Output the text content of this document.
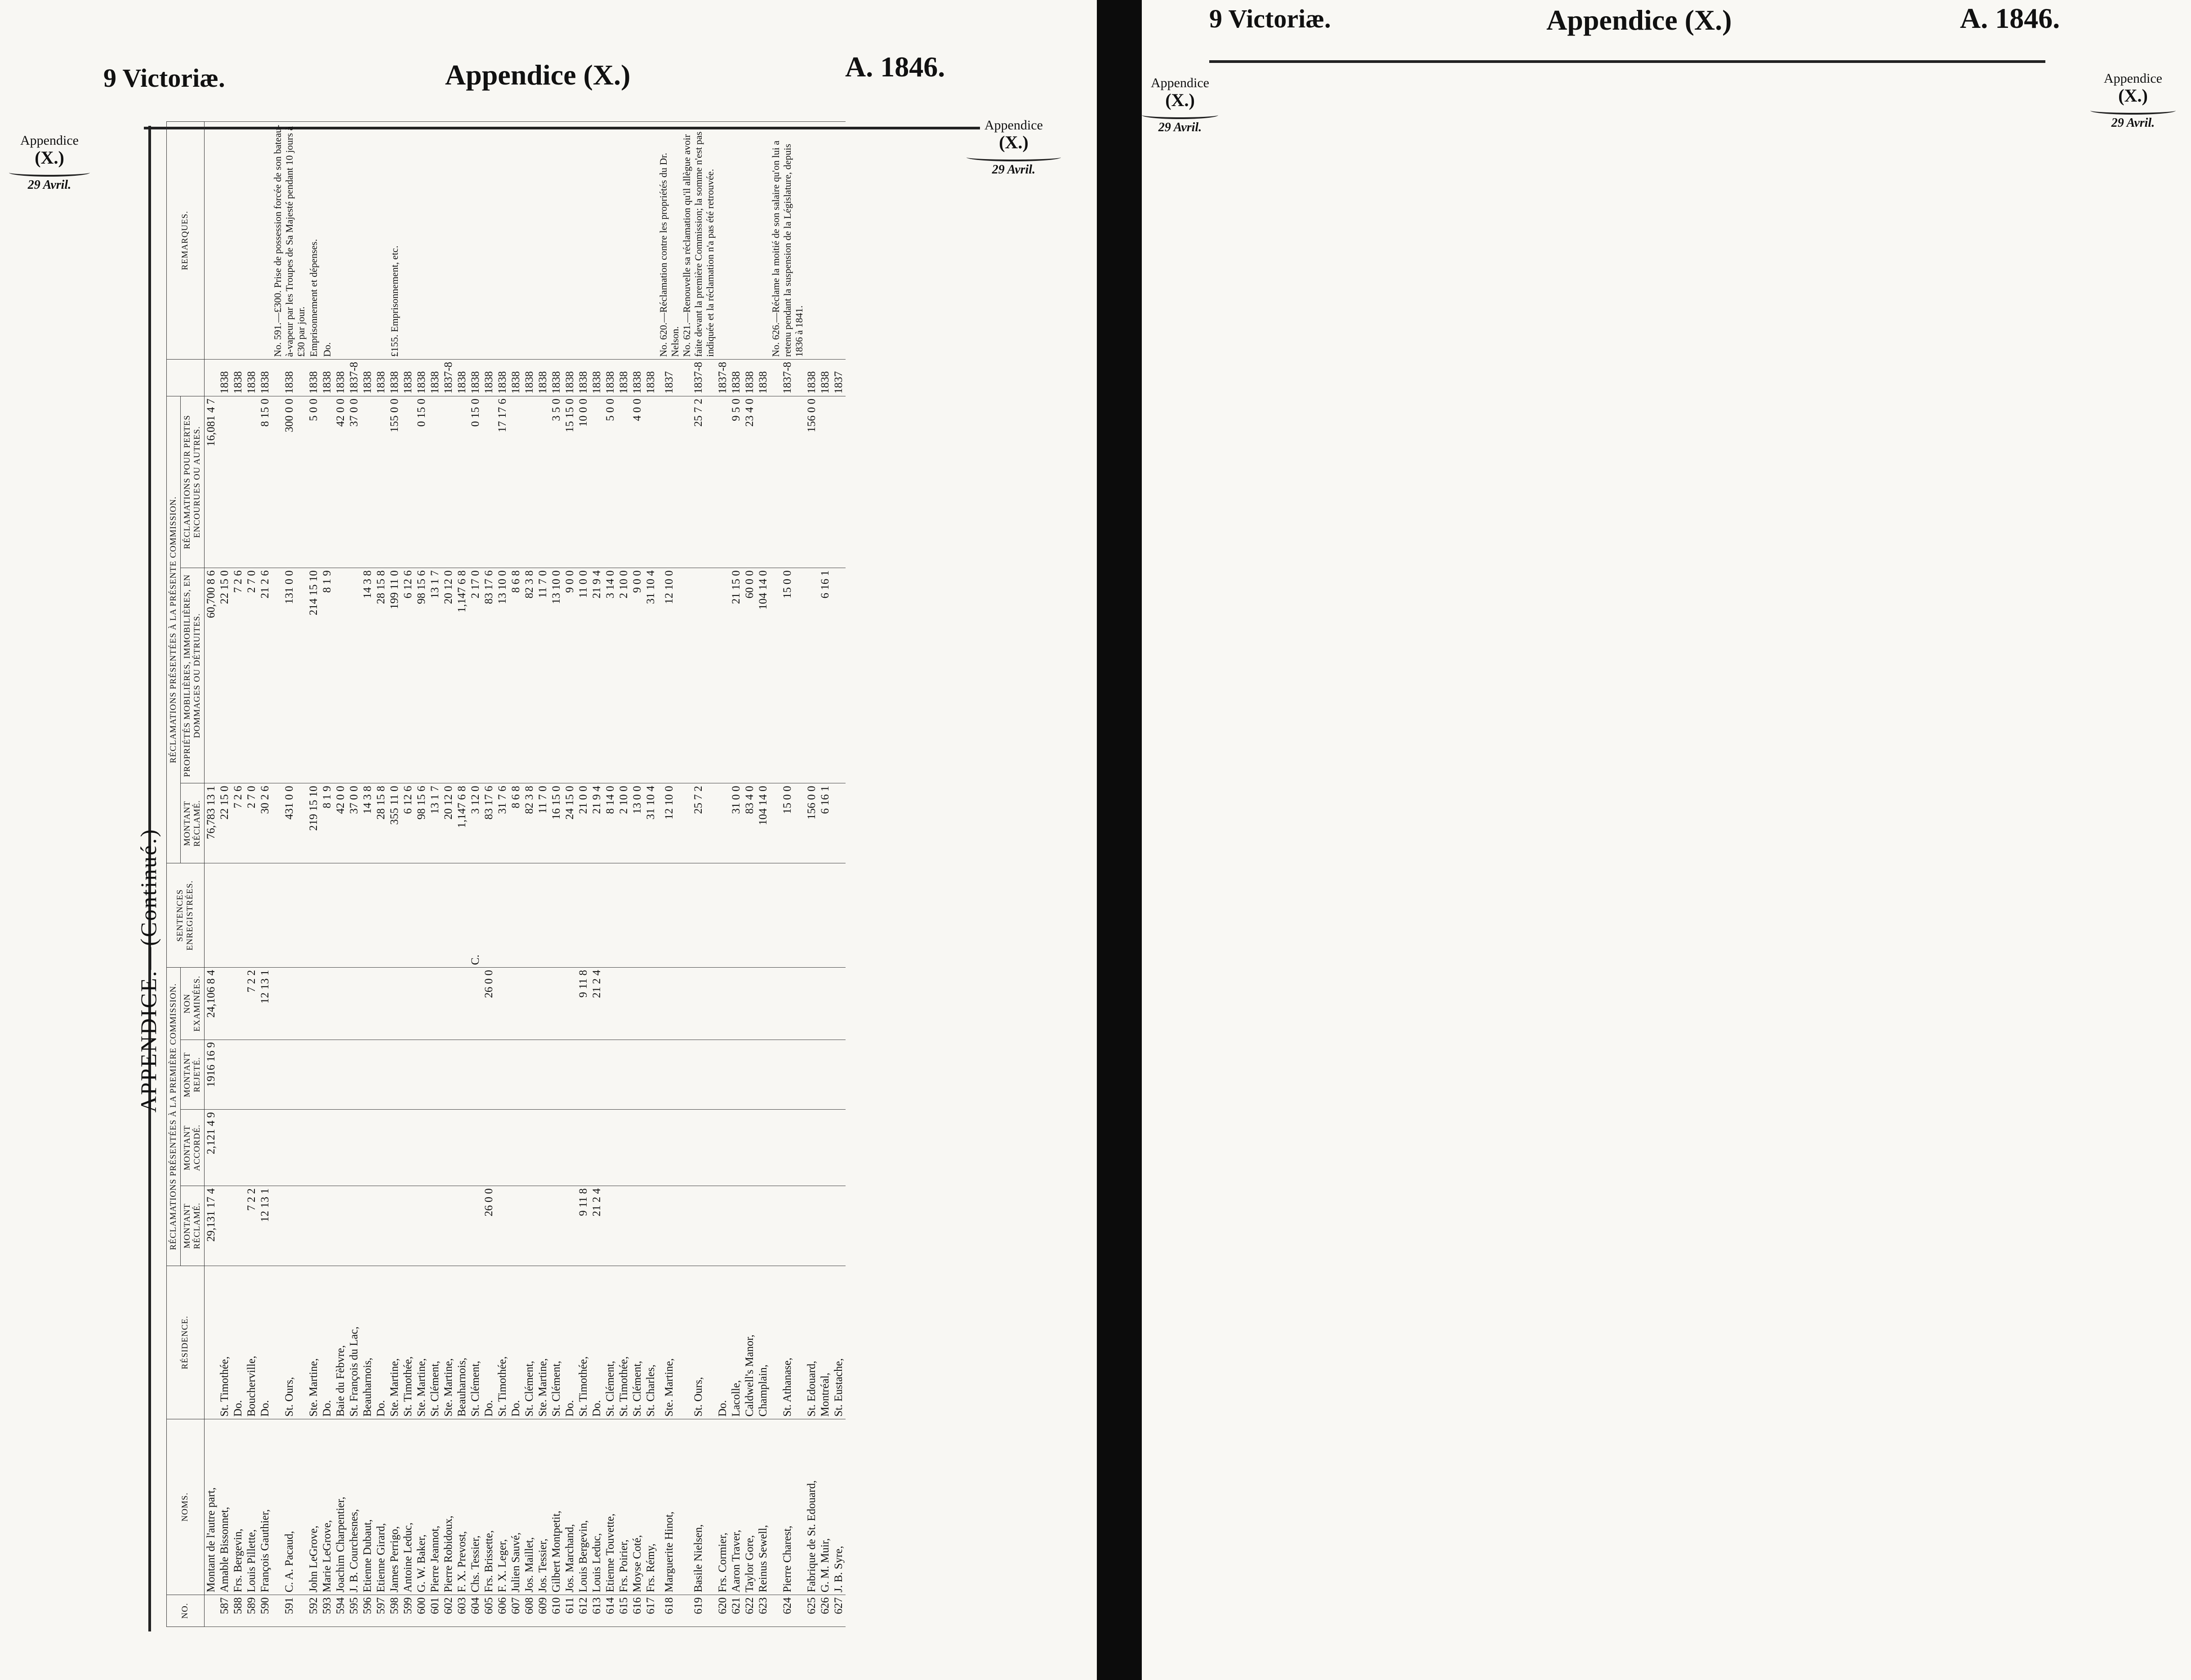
9 Victoriæ.	Appendice (X.)	A. 1846.
Appendice
(X.)
29 Avril.
Appendice
(X.)
29 Avril.
APPENDICE.—(Continué.)
NO.	NOMS.	RÉSIDENCE.	RÉCLAMATIONS PRÉSENTÉES À LA PREMIÈRE COMMISSION.				SENTENCES ENREGISTRÉES.	RÉCLAMATIONS PRÉSENTÉES À LA PRÉSENTE COMMISSION.				REMARQUES.
			MONTANT RÉCLAMÉ.	MONTANT ACCORDÉ.	MONTANT REJETÉ.	NON EXAMINÉES.		MONTANT RÉCLAMÉ.	PROPRIÉTÉS MOBILIÈRES, IMMOBILIÈRES, EN DOMMAGES OU DÉTRUITES.	RÉCLAMATIONS POUR PERTES ENCOURUES OU AUTRES.		
	Montant de l'autre part,		29,131 17 4	2,121 4 9	1916 16 9	24,106 8 4		76,783 13 1	60,700 8 6	16,081 4 7		
587	Amable Bissonnet,	St. Timothée,						22 15 0	22 15 0		1838	
588	Frs. Bergevin,	Do.						7 2 6	7 2 6		1838	
589	Louis Pillette,	Boucherville,	7 2 2			7 2 2		2 7 0	2 7 0		1838	
590	François Gauthier,	Do.	12 13 1			12 13 1		30 2 6	21 2 6	8 15 0	1838	
591	C. A. Pacaud,	St. Ours,						431 0 0	131 0 0	300 0 0	1838	No. 591.—£300. Prise de possession forcée de son bateau-à-vapeur par les Troupes de Sa Majesté pendant 10 jours à £30 par jour.
592	John LeGrove,	Ste. Martine,						219 15 10	214 15 10	5 0 0	1838	Emprisonnement et dépenses.
593	Marie LeGrove,	Do.						8 1 9	8 1 9		1838	Do.
594	Joachim Charpentier,	Baie du Fèbvre,						42 0 0		42 0 0	1838	
595	J. B. Courchesnes,	St. François du Lac,						37 0 0		37 0 0	1837-8	
596	Etienne Dubaut,	Beauharnois,						14 3 8	14 3 8		1838	
597	Etienne Girard,	Do.						28 15 8	28 15 8		1838	
598	James Perrigo,	Ste. Martine,						355 11 0	199 11 0	155 0 0	1838	£155. Emprisonnement, etc.
599	Antoine Leduc,	St. Timothée,						6 12 6	6 12 6		1838	
600	G. W. Baker,	Ste. Martine,						98 15 6	98 15 6	0 15 0	1838	
601	Pierre Jeannot,	St. Clément,						13 1 7	13 1 7		1838	
602	Pierre Robidoux,	Ste. Martine,						20 12 0	20 12 0		1837-8	
603	F. X. Prevost,	Beauharnois,						1,147 6 8	1,147 6 8		1838	
604	Chs. Tessier,	St. Clément,					C.	3 12 0	2 17 0	0 15 0	1838	
605	Frs. Brissette,	Do.	26 0 0			26 0 0		83 17 6	83 17 6		1838	
606	F. X. Leger,	St. Timothée,						31 7 6	13 10 0	17 17 6	1838	
607	Julien Sauvé,	Do.						8 6 8	8 6 8		1838	
608	Jos. Maillet,	St. Clément,						82 3 8	82 3 8		1838	
609	Jos. Tessier,	Ste. Martine,						11 7 0	11 7 0		1838	
610	Gilbert Montpetit,	St. Clément,						16 15 0	13 10 0	3 5 0	1838	
611	Jos. Marchand,	Do.						24 15 0	9 0 0	15 15 0	1838	
612	Louis Bergevin,	St. Timothée,	9 11 8			9 11 8		21 0 0	11 0 0	10 0 0	1838	
613	Louis Leduc,	Do.	21 2 4			21 2 4		21 9 4	21 9 4		1838	
614	Etienne Touvette,	St. Clément,						8 14 0	3 14 0	5 0 0	1838	
615	Frs. Poirier,	St. Timothée,						2 10 0	2 10 0		1838	
616	Moyse Coté,	St. Clément,						13 0 0	9 0 0	4 0 0	1838	
617	Frs. Rémy,	St. Charles,						31 10 4	31 10 4		1838	
618	Marguerite Hinot,	Ste. Martine,						12 10 0	12 10 0		1837	No. 620.—Réclamation contre les propriétés du Dr. Nelson.
619	Basile Nielsen,	St. Ours,						25 7 2		25 7 2	1837-8	No. 621.—Renouvelle sa réclamation qu'il allègue avoir faite devant la première Commission; la somme n'est pas indiquée et la réclamation n'a pas été retrouvée.
620	Frs. Cormier,	Do.									1837-8	
621	Aaron Traver,	Lacolle,						31 0 0	21 15 0	9 5 0	1838	
622	Taylor Gore,	Caldwell's Manor,						83 4 0	60 0 0	23 4 0	1838	
623	Reinus Sewell,	Champlain,						104 14 0	104 14 0		1838	
624	Pierre Charest,	St. Athanase,						15 0 0	15 0 0		1837-8	No. 626.—Réclame la moitié de son salaire qu'on lui a retenu pendant la suspension de la Législature, depuis 1836 à 1841.
625	Fabrique de St. Edouard,	St. Edouard,						156 0 0		156 0 0	1838	
626	G. M. Muir,	Montréal,						6 16 1	6 16 1		1838	
627	J. B. Syre,	St. Eustache,									1837	
9 Victoriæ.	Appendice (X.)	A. 1846.
Appendice
(X.)
29 Avril.
Appendice
(X.)
29 Avril.
